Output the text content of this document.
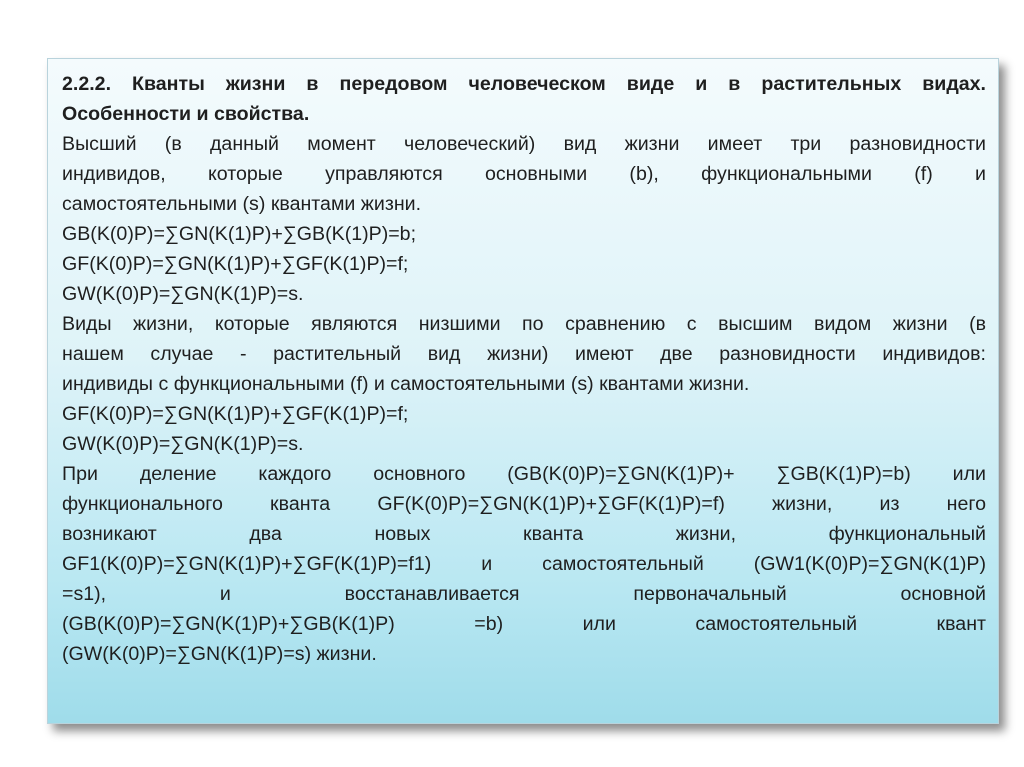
2.2.2. Кванты жизни в передовом человеческом виде и в растительных видах.
Особенности и свойства.
Высший (в данный момент человеческий) вид жизни имеет три разновидности
индивидов, которые управляются основными (b), функциональными (f) и
самостоятельными (s) квантами жизни.
GB(K(0)P)=∑GN(K(1)P)+∑GB(K(1)P)=b;
GF(K(0)P)=∑GN(K(1)P)+∑GF(K(1)P)=f;
GW(K(0)P)=∑GN(K(1)P)=s.
Виды жизни, которые являются низшими по сравнению с высшим видом жизни (в
нашем случае - растительный вид жизни) имеют две разновидности индивидов:
индивиды с функциональными (f) и самостоятельными (s) квантами жизни.
GF(K(0)P)=∑GN(K(1)P)+∑GF(K(1)P)=f;
GW(K(0)P)=∑GN(K(1)P)=s.
При деление каждого основного (GB(K(0)P)=∑GN(K(1)P)+ ∑GB(K(1)P)=b) или
функционального кванта GF(K(0)P)=∑GN(K(1)P)+∑GF(K(1)P)=f) жизни, из него
возникают два новых кванта жизни, функциональный
GF1(K(0)P)=∑GN(K(1)P)+∑GF(K(1)P)=f1) и самостоятельный (GW1(K(0)P)=∑GN(K(1)P)
=s1), и восстанавливается первоначальный основной
(GB(K(0)P)=∑GN(K(1)P)+∑GB(K(1)P) =b) или самостоятельный квант
(GW(K(0)P)=∑GN(K(1)P)=s) жизни.
